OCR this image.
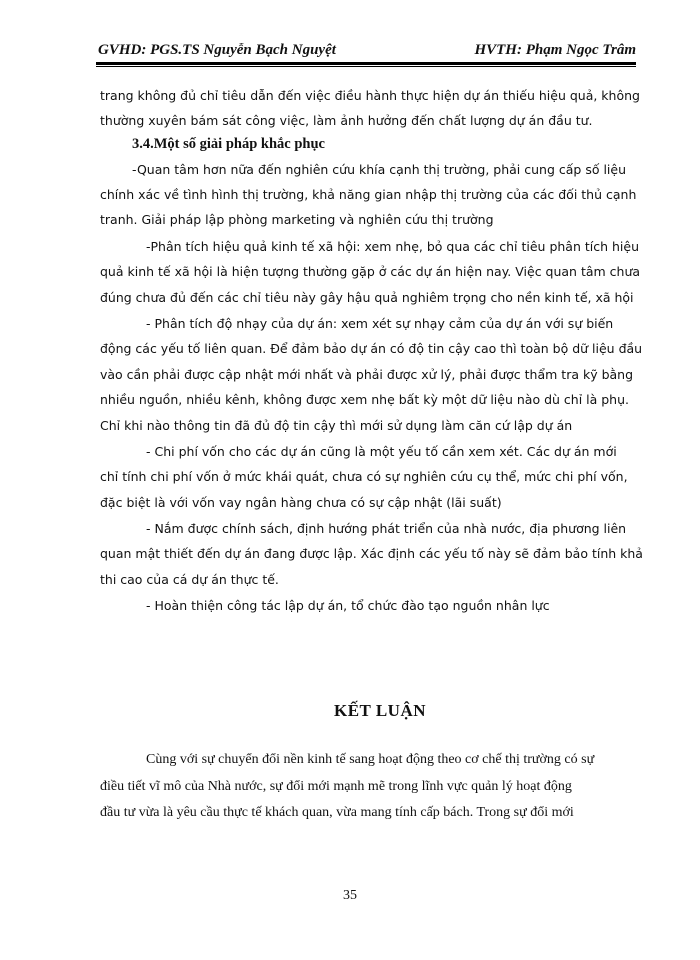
GVHD: PGS.TS Nguyễn Bạch Nguyệt	HVTH: Phạm Ngọc Trâm
trang không đủ chỉ tiêu dẫn đến việc điều hành thực hiện dự án thiếu hiệu quả, không
thường xuyên bám sát công việc, làm ảnh hưởng đến chất lượng dự án đầu tư.
3.4.Một số giải pháp khắc phục
-Quan tâm hơn nữa đến nghiên cứu khía cạnh thị trường, phải cung cấp số liệu
chính xác về tình hình thị trường, khả năng gian nhập thị trường của các đối thủ cạnh
tranh. Giải pháp lập phòng marketing và nghiên cứu thị trường
-Phân tích hiệu quả kinh tế xã hội: xem nhẹ, bỏ qua các chỉ tiêu phân tích hiệu
quả kinh tế xã hội là hiện tượng thường gặp ở các dự án hiện nay. Việc quan tâm chưa
đúng chưa đủ đến các chỉ tiêu này gây hậu quả nghiêm trọng cho nền kinh tế, xã hội
- Phân tích độ nhạy của dự án: xem xét sự nhạy cảm của dự án với sự biến
động các yếu tố liên quan. Để đảm bảo dự án có độ tin cậy cao thì toàn bộ dữ liệu đầu
vào cần phải được cập nhật mới nhất và phải được xử lý, phải được thẩm tra kỹ bằng
nhiều nguồn, nhiều kênh, không được xem nhẹ bất kỳ một dữ liệu nào dù chỉ là phụ.
Chỉ khi nào thông tin đã đủ độ tin cậy thì mới sử dụng làm căn cứ lập dự án
- Chi phí vốn cho các dự án cũng là một yếu tố cần xem xét. Các dự án mới
chỉ tính chi phí vốn ở mức khái quát, chưa có sự nghiên cứu cụ thể, mức chi phí vốn,
đặc biệt là với vốn vay ngân hàng chưa có sự cập nhật (lãi suất)
- Nắm được chính sách, định hướng phát triển của nhà nước, địa phương liên
quan mật thiết đến dự án đang được lập. Xác định các yếu tố này sẽ đảm bảo tính khả
thi cao của cá dự án thực tế.
- Hoàn thiện công tác lập dự án, tổ chức đào tạo nguồn nhân lực
KẾT LUẬN
Cùng với sự chuyển đổi nền kinh tế sang hoạt động theo cơ chế thị trường có sự
điều tiết vĩ mô của Nhà nước, sự đổi mới mạnh mẽ trong lĩnh vực quản lý hoạt động
đầu tư vừa là yêu cầu thực tế khách quan, vừa mang tính cấp bách. Trong sự đổi mới
35
